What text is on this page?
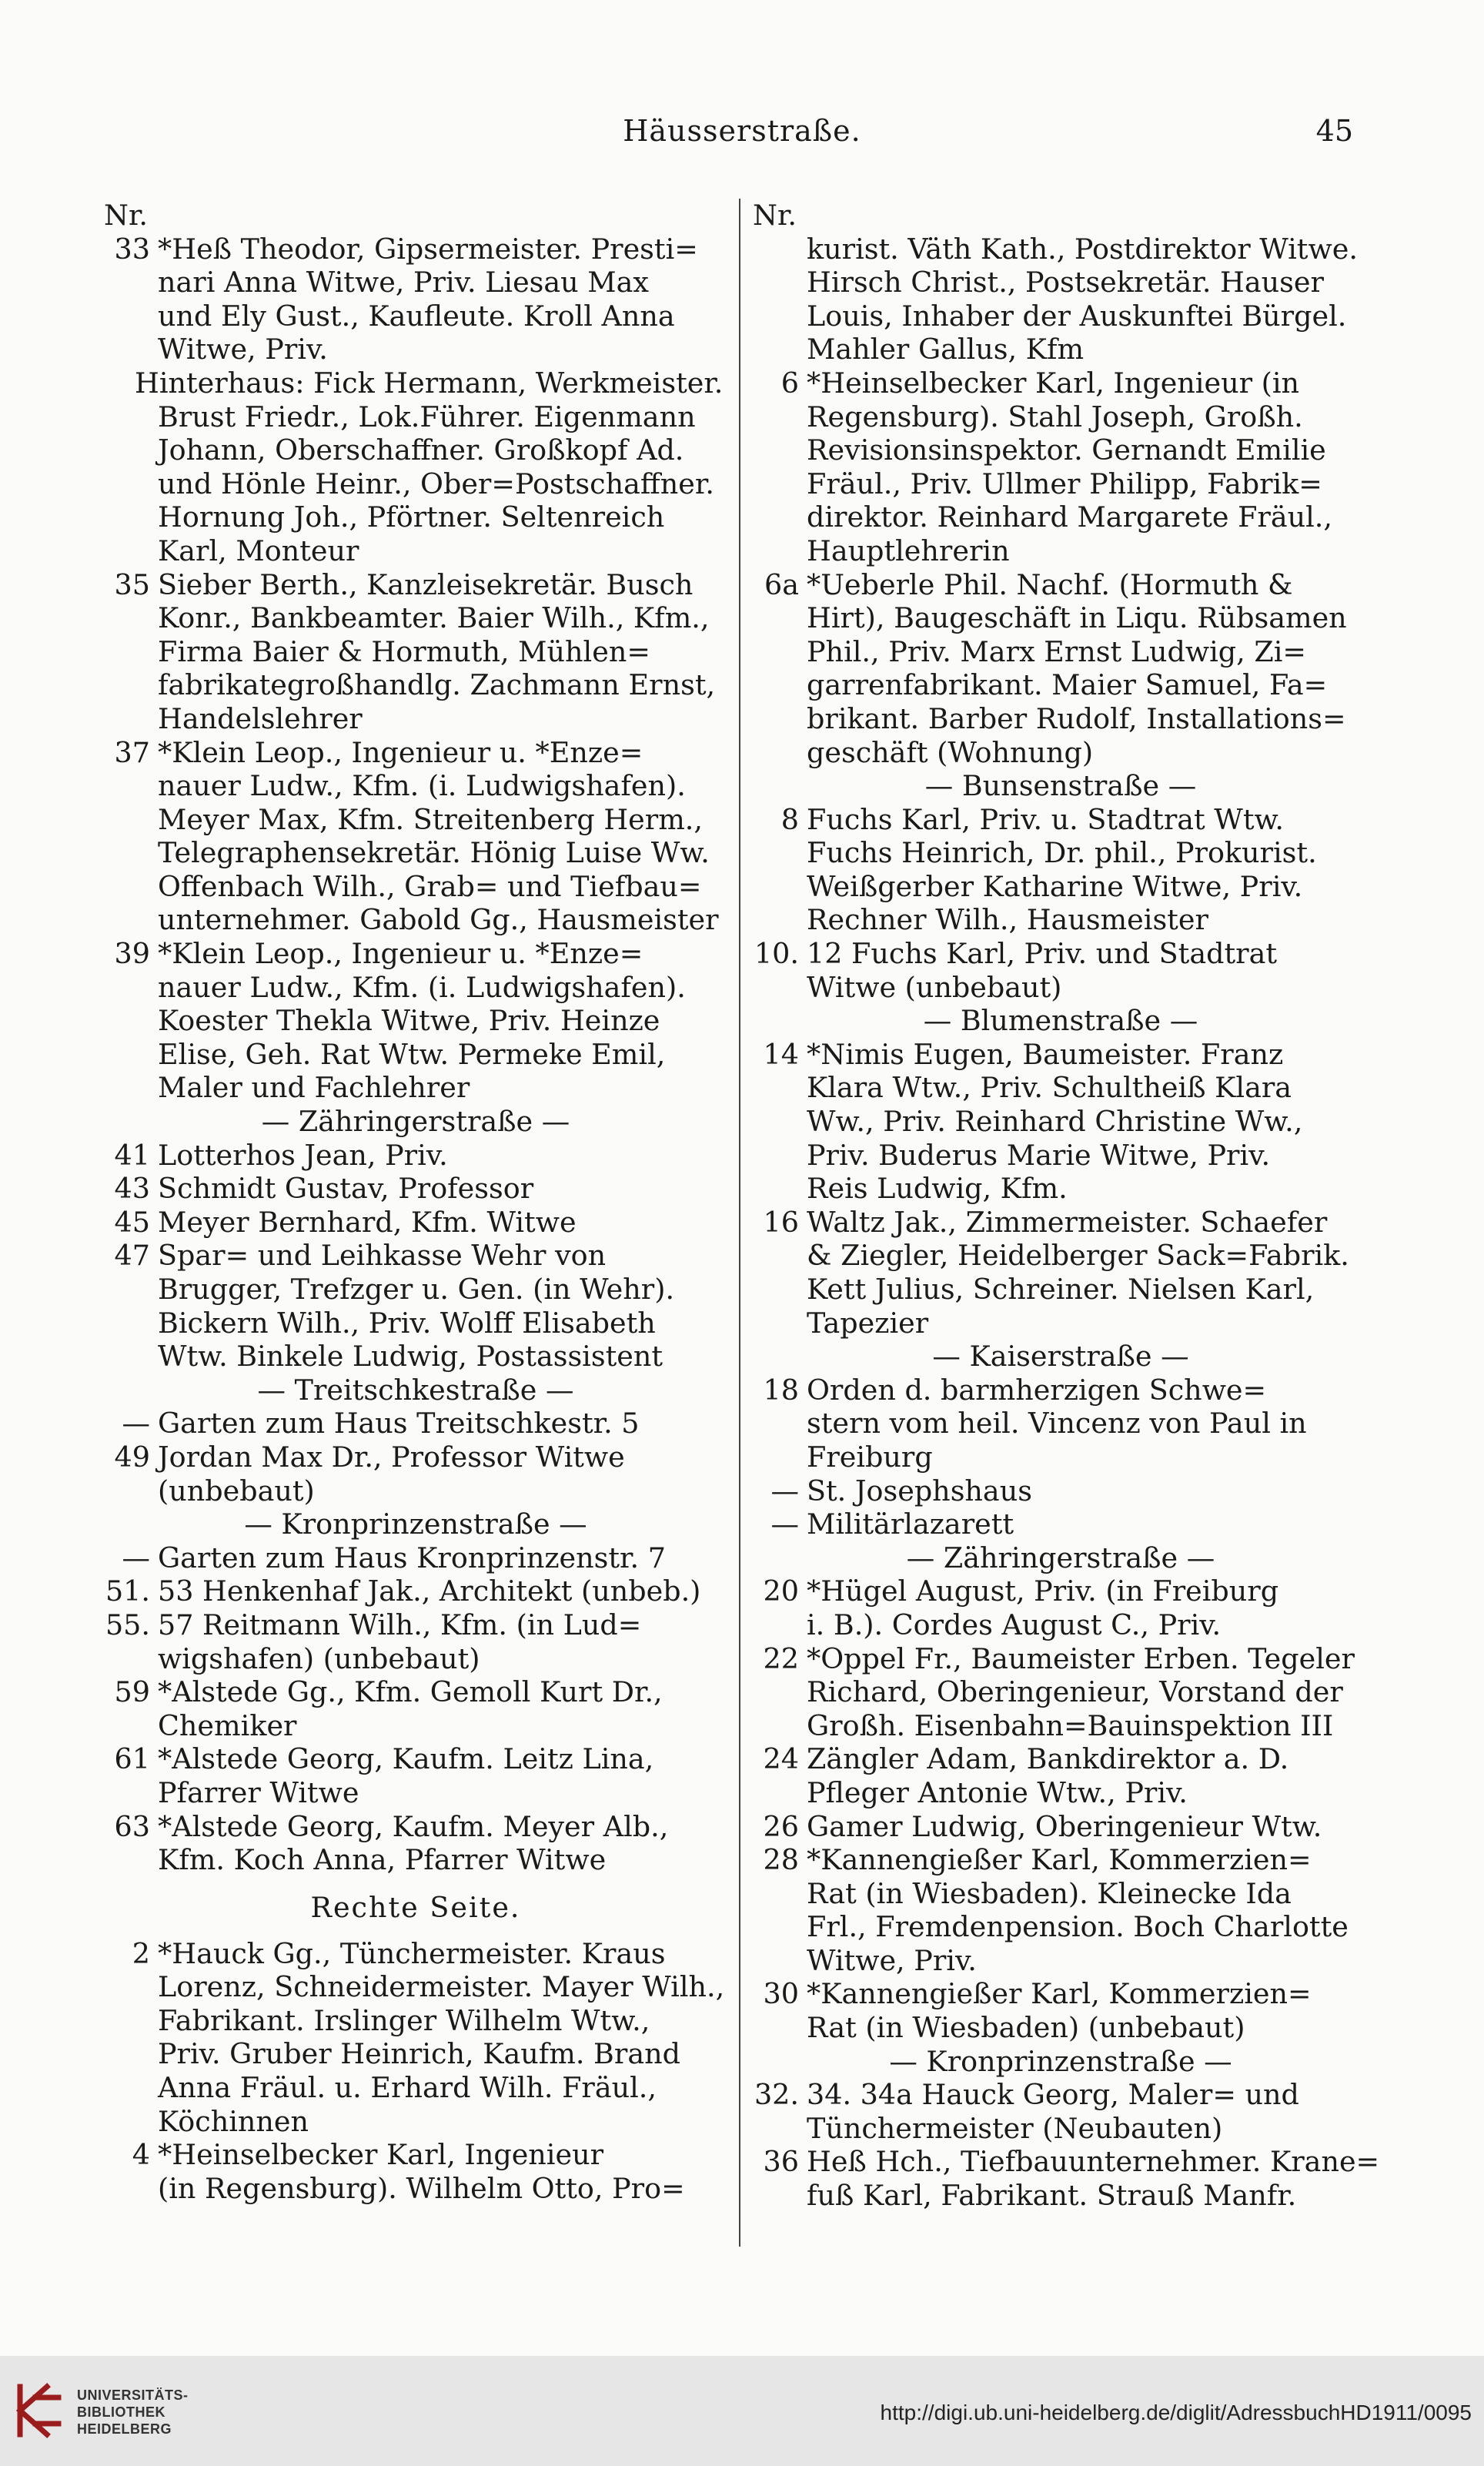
Häusserstraße.	45
Nr.
33 *Heß Theodor, Gipsermeister. Presti=
nari Anna Witwe, Priv. Liesau Max
und Ely Gust., Kaufleute. Kroll Anna
Witwe, Priv.
Hinterhaus: Fick Hermann, Werkmeister.
Brust Friedr., Lok.Führer. Eigenmann
Johann, Oberschaffner. Großkopf Ad.
und Hönle Heinr., Ober=Postschaffner.
Hornung Joh., Pförtner. Seltenreich
Karl, Monteur
35 Sieber Berth., Kanzleisekretär. Busch
Konr., Bankbeamter. Baier Wilh., Kfm.,
Firma Baier & Hormuth, Mühlen=
fabrikategroßhandlg. Zachmann Ernst,
Handelslehrer
37 *Klein Leop., Ingenieur u. *Enze=
nauer Ludw., Kfm. (i. Ludwigshafen).
Meyer Max, Kfm. Streitenberg Herm.,
Telegraphensekretär. Hönig Luise Ww.
Offenbach Wilh., Grab= und Tiefbau=
unternehmer. Gabold Gg., Hausmeister
39 *Klein Leop., Ingenieur u. *Enze=
nauer Ludw., Kfm. (i. Ludwigshafen).
Koester Thekla Witwe, Priv. Heinze
Elise, Geh. Rat Wtw. Permeke Emil,
Maler und Fachlehrer
— Zähringerstraße —
41 Lotterhos Jean, Priv.
43 Schmidt Gustav, Professor
45 Meyer Bernhard, Kfm. Witwe
47 Spar= und Leihkasse Wehr von
Brugger, Trefzger u. Gen. (in Wehr).
Bickern Wilh., Priv. Wolff Elisabeth
Wtw. Binkele Ludwig, Postassistent
— Treitschkestraße —
— Garten zum Haus Treitschkestr. 5
49 Jordan Max Dr., Professor Witwe
(unbebaut)
— Kronprinzenstraße —
— Garten zum Haus Kronprinzenstr. 7
51. 53 Henkenhaf Jak., Architekt (unbeb.)
55. 57 Reitmann Wilh., Kfm. (in Lud=
wigshafen) (unbebaut)
59 *Alstede Gg., Kfm. Gemoll Kurt Dr.,
Chemiker
61 *Alstede Georg, Kaufm. Leitz Lina,
Pfarrer Witwe
63 *Alstede Georg, Kaufm. Meyer Alb.,
Kfm. Koch Anna, Pfarrer Witwe
Rechte Seite.
2 *Hauck Gg., Tünchermeister. Kraus
Lorenz, Schneidermeister. Mayer Wilh.,
Fabrikant. Irslinger Wilhelm Wtw.,
Priv. Gruber Heinrich, Kaufm. Brand
Anna Fräul. u. Erhard Wilh. Fräul.,
Köchinnen
4 *Heinselbecker Karl, Ingenieur
(in Regensburg). Wilhelm Otto, Pro=
Nr.
kurist. Väth Kath., Postdirektor Witwe.
Hirsch Christ., Postsekretär. Hauser
Louis, Inhaber der Auskunftei Bürgel.
Mahler Gallus, Kfm
6 *Heinselbecker Karl, Ingenieur (in
Regensburg). Stahl Joseph, Großh.
Revisionsinspektor. Gernandt Emilie
Fräul., Priv. Ullmer Philipp, Fabrik=
direktor. Reinhard Margarete Fräul.,
Hauptlehrerin
6a *Ueberle Phil. Nachf. (Hormuth &
Hirt), Baugeschäft in Liqu. Rübsamen
Phil., Priv. Marx Ernst Ludwig, Zi=
garrenfabrikant. Maier Samuel, Fa=
brikant. Barber Rudolf, Installations=
geschäft (Wohnung)
— Bunsenstraße —
8 Fuchs Karl, Priv. u. Stadtrat Wtw.
Fuchs Heinrich, Dr. phil., Prokurist.
Weißgerber Katharine Witwe, Priv.
Rechner Wilh., Hausmeister
10. 12 Fuchs Karl, Priv. und Stadtrat
Witwe (unbebaut)
— Blumenstraße —
14 *Nimis Eugen, Baumeister. Franz
Klara Wtw., Priv. Schultheiß Klara
Ww., Priv. Reinhard Christine Ww.,
Priv. Buderus Marie Witwe, Priv.
Reis Ludwig, Kfm.
16 Waltz Jak., Zimmermeister. Schaefer
& Ziegler, Heidelberger Sack=Fabrik.
Kett Julius, Schreiner. Nielsen Karl,
Tapezier
— Kaiserstraße —
18 Orden d. barmherzigen Schwe=
stern vom heil. Vincenz von Paul in
Freiburg
— St. Josephshaus
— Militärlazarett
— Zähringerstraße —
20 *Hügel August, Priv. (in Freiburg
i. B.). Cordes August C., Priv.
22 *Oppel Fr., Baumeister Erben. Tegeler
Richard, Oberingenieur, Vorstand der
Großh. Eisenbahn=Bauinspektion III
24 Zängler Adam, Bankdirektor a. D.
Pfleger Antonie Wtw., Priv.
26 Gamer Ludwig, Oberingenieur Wtw.
28 *Kannengießer Karl, Kommerzien=
Rat (in Wiesbaden). Kleinecke Ida
Frl., Fremdenpension. Boch Charlotte
Witwe, Priv.
30 *Kannengießer Karl, Kommerzien=
Rat (in Wiesbaden) (unbebaut)
— Kronprinzenstraße —
32. 34. 34a Hauck Georg, Maler= und
Tünchermeister (Neubauten)
36 Heß Hch., Tiefbauunternehmer. Krane=
fuß Karl, Fabrikant. Strauß Manfr.
UNIVERSITÄTS-
BIBLIOTHEK
HEIDELBERG
http://digi.ub.uni-heidelberg.de/diglit/AdressbuchHD1911/0095
